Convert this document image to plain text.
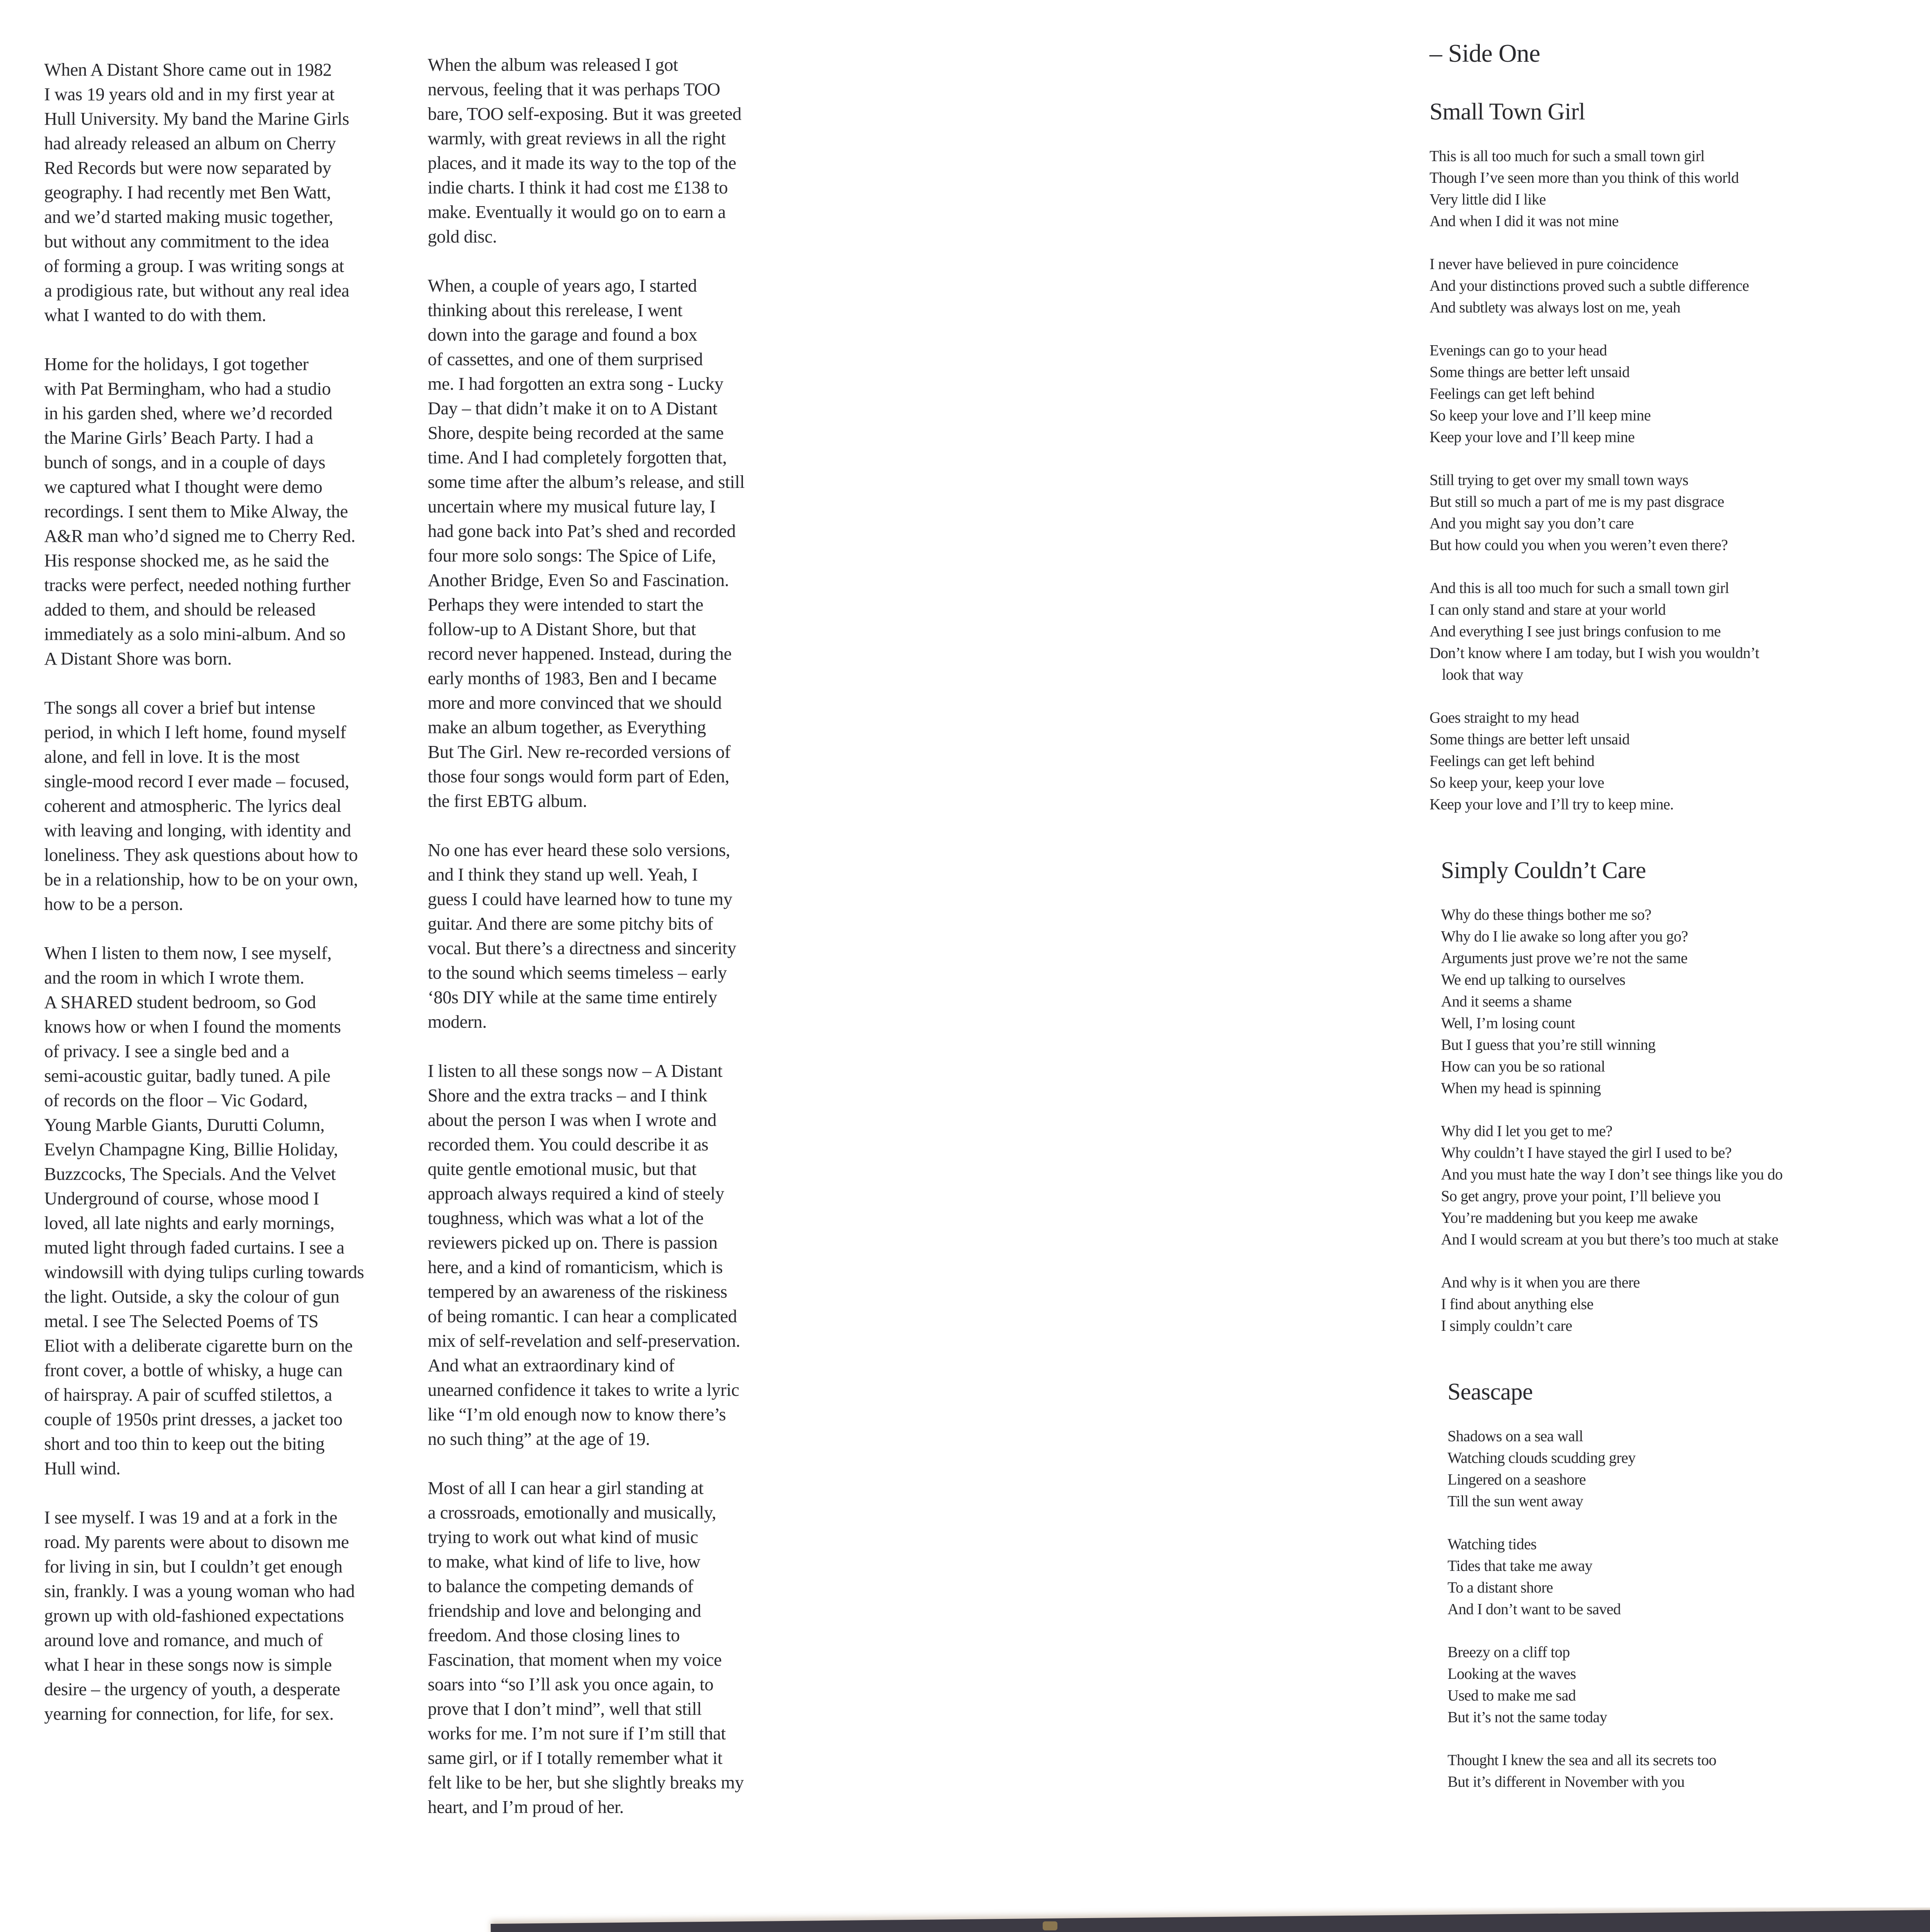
When A Distant Shore came out in 1982
I was 19 years old and in my first year at
Hull University. My band the Marine Girls
had already released an album on Cherry
Red Records but were now separated by
geography. I had recently met Ben Watt,
and we’d started making music together,
but without any commitment to the idea
of forming a group. I was writing songs at
a prodigious rate, but without any real idea
what I wanted to do with them.

Home for the holidays, I got together
with Pat Bermingham, who had a studio
in his garden shed, where we’d recorded
the Marine Girls’ Beach Party. I had a
bunch of songs, and in a couple of days
we captured what I thought were demo
recordings. I sent them to Mike Alway, the
A&R man who’d signed me to Cherry Red.
His response shocked me, as he said the
tracks were perfect, needed nothing further
added to them, and should be released
immediately as a solo mini-album. And so
A Distant Shore was born.

The songs all cover a brief but intense
period, in which I left home, found myself
alone, and fell in love. It is the most
single-mood record I ever made – focused,
coherent and atmospheric. The lyrics deal
with leaving and longing, with identity and
loneliness. They ask questions about how to
be in a relationship, how to be on your own,
how to be a person.

When I listen to them now, I see myself,
and the room in which I wrote them.
A SHARED student bedroom, so God
knows how or when I found the moments
of privacy. I see a single bed and a
semi-acoustic guitar, badly tuned. A pile
of records on the floor – Vic Godard,
Young Marble Giants, Durutti Column,
Evelyn Champagne King, Billie Holiday,
Buzzcocks, The Specials. And the Velvet
Underground of course, whose mood I
loved, all late nights and early mornings,
muted light through faded curtains. I see a
windowsill with dying tulips curling towards
the light. Outside, a sky the colour of gun
metal. I see The Selected Poems of TS
Eliot with a deliberate cigarette burn on the
front cover, a bottle of whisky, a huge can
of hairspray. A pair of scuffed stilettos, a
couple of 1950s print dresses, a jacket too
short and too thin to keep out the biting
Hull wind.

I see myself. I was 19 and at a fork in the
road. My parents were about to disown me
for living in sin, but I couldn’t get enough
sin, frankly. I was a young woman who had
grown up with old-fashioned expectations
around love and romance, and much of
what I hear in these songs now is simple
desire – the urgency of youth, a desperate
yearning for connection, for life, for sex.

When the album was released I got
nervous, feeling that it was perhaps TOO
bare, TOO self-exposing. But it was greeted
warmly, with great reviews in all the right
places, and it made its way to the top of the
indie charts. I think it had cost me £138 to
make. Eventually it would go on to earn a
gold disc.

When, a couple of years ago, I started
thinking about this rerelease, I went
down into the garage and found a box
of cassettes, and one of them surprised
me. I had forgotten an extra song - Lucky
Day – that didn’t make it on to A Distant
Shore, despite being recorded at the same
time. And I had completely forgotten that,
some time after the album’s release, and still
uncertain where my musical future lay, I
had gone back into Pat’s shed and recorded
four more solo songs: The Spice of Life,
Another Bridge, Even So and Fascination.
Perhaps they were intended to start the
follow-up to A Distant Shore, but that
record never happened. Instead, during the
early months of 1983, Ben and I became
more and more convinced that we should
make an album together, as Everything
But The Girl. New re-recorded versions of
those four songs would form part of Eden,
the first EBTG album.

No one has ever heard these solo versions,
and I think they stand up well. Yeah, I
guess I could have learned how to tune my
guitar. And there are some pitchy bits of
vocal. But there’s a directness and sincerity
to the sound which seems timeless – early
‘80s DIY while at the same time entirely
modern.

I listen to all these songs now – A Distant
Shore and the extra tracks – and I think
about the person I was when I wrote and
recorded them. You could describe it as
quite gentle emotional music, but that
approach always required a kind of steely
toughness, which was what a lot of the
reviewers picked up on. There is passion
here, and a kind of romanticism, which is
tempered by an awareness of the riskiness
of being romantic. I can hear a complicated
mix of self-revelation and self-preservation.
And what an extraordinary kind of
unearned confidence it takes to write a lyric
like “I’m old enough now to know there’s
no such thing” at the age of 19.

Most of all I can hear a girl standing at
a crossroads, emotionally and musically,
trying to work out what kind of music
to make, what kind of life to live, how
to balance the competing demands of
friendship and love and belonging and
freedom. And those closing lines to
Fascination, that moment when my voice
soars into “so I’ll ask you once again, to
prove that I don’t mind”, well that still
works for me. I’m not sure if I’m still that
same girl, or if I totally remember what it
felt like to be her, but she slightly breaks my
heart, and I’m proud of her.

– Side One
Small Town Girl
This is all too much for such a small town girl
Though I’ve seen more than you think of this world
Very little did I like
And when I did it was not mine
I never have believed in pure coincidence
And your distinctions proved such a subtle difference
And subtlety was always lost on me, yeah
Evenings can go to your head
Some things are better left unsaid
Feelings can get left behind
So keep your love and I’ll keep mine
Keep your love and I’ll keep mine
Still trying to get over my small town ways
But still so much a part of me is my past disgrace
And you might say you don’t care
But how could you when you weren’t even there?
And this is all too much for such a small town girl
I can only stand and stare at your world
And everything I see just brings confusion to me
Don’t know where I am today, but I wish you wouldn’t
look that way
Goes straight to my head
Some things are better left unsaid
Feelings can get left behind
So keep your, keep your love
Keep your love and I’ll try to keep mine.
Simply Couldn’t Care
Why do these things bother me so?
Why do I lie awake so long after you go?
Arguments just prove we’re not the same
We end up talking to ourselves
And it seems a shame
Well, I’m losing count
But I guess that you’re still winning
How can you be so rational
When my head is spinning
Why did I let you get to me?
Why couldn’t I have stayed the girl I used to be?
And you must hate the way I don’t see things like you do
So get angry, prove your point, I’ll believe you
You’re maddening but you keep me awake
And I would scream at you but there’s too much at stake
And why is it when you are there
I find about anything else
I simply couldn’t care
Seascape
Shadows on a sea wall
Watching clouds scudding grey
Lingered on a seashore
Till the sun went away
Watching tides
Tides that take me away
To a distant shore
And I don’t want to be saved
Breezy on a cliff top
Looking at the waves
Used to make me sad
But it’s not the same today
Thought I knew the sea and all its secrets too
But it’s different in November with you
